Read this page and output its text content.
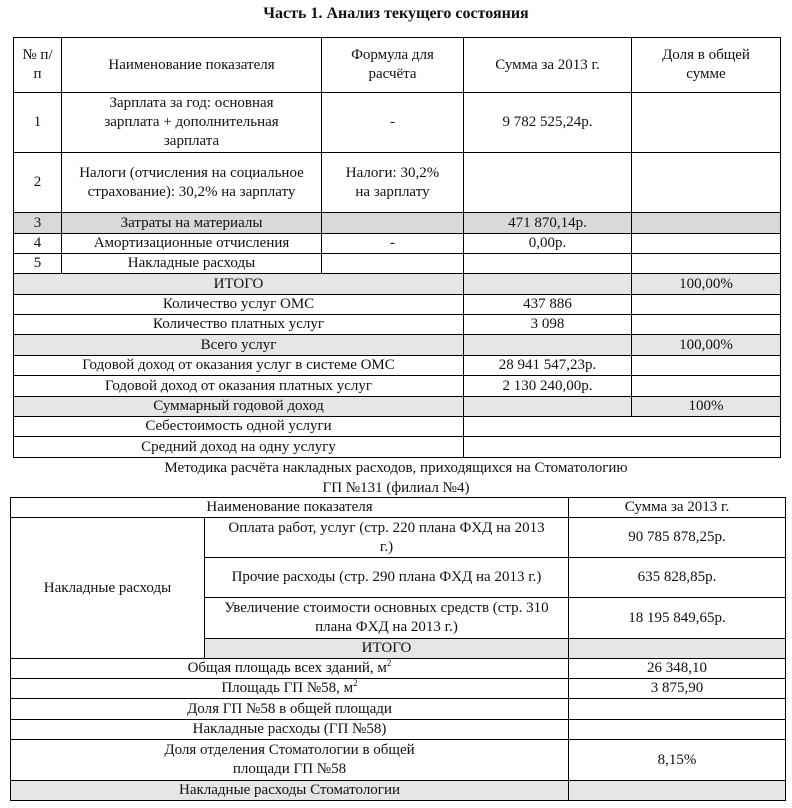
Часть 1. Анализ текущего состояния
№ п/п	Наименование показателя	Формула для расчёта	Сумма за 2013 г.	Доля в общей сумме
1	Зарплата за год: основная зарплата + дополнительная зарплата	-	9 782 525,24р.	
2	Налоги (отчисления на социальное страхование): 30,2% на зарплату	Налоги: 30,2% на зарплату		
3	Затраты на материалы		471 870,14р.	
4	Амортизационные отчисления	-	0,00р.	
5	Накладные расходы			
ИТОГО				100,00%
Количество услуг ОМС			437 886	
Количество платных услуг			3 098	
Всего услуг				100,00%
Годовой доход от оказания услуг в системе ОМС			28 941 547,23р.	
Годовой доход от оказания платных услуг			2 130 240,00р.	
Суммарный годовой доход				100%
Себестоимость одной услуги				
Средний доход на одну услугу				
Методика расчёта накладных расходов, приходящихся на Стоматологию
ГП №131 (филиал №4)
Наименование показателя		Сумма за 2013 г.
Накладные расходы	Оплата работ, услуг (стр. 220 плана ФХД на 2013 г.)	90 785 878,25р.
	Прочие расходы (стр. 290 плана ФХД на 2013 г.)	635 828,85р.
	Увеличение стоимости основных средств (стр. 310 плана ФХД на 2013 г.)	18 195 849,65р.
	ИТОГО	
Общая площадь всех зданий, $м^2$		26 348,10
Площадь ГП №58, $м^2$		3 875,90
Доля ГП №58 в общей площади		
Накладные расходы (ГП №58)		
Доля отделения Стоматологии в общей площади ГП №58		8,15%
Накладные расходы Стоматологии		
